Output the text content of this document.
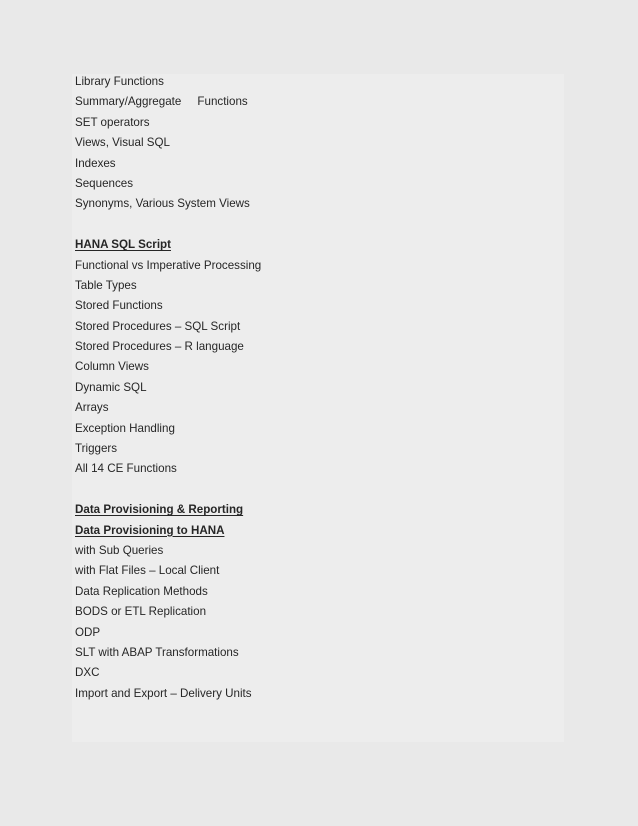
Library Functions
Summary/Aggregate     Functions
SET operators
Views, Visual SQL
Indexes
Sequences
Synonyms, Various System Views
HANA SQL Script
Functional vs Imperative Processing
Table Types
Stored Functions
Stored Procedures – SQL Script
Stored Procedures – R language
Column Views
Dynamic SQL
Arrays
Exception Handling
Triggers
All 14 CE Functions
Data Provisioning & Reporting
Data Provisioning to HANA
with Sub Queries
with Flat Files – Local Client
Data Replication Methods
BODS or ETL Replication
ODP
SLT with ABAP Transformations
DXC
Import and Export – Delivery Units
